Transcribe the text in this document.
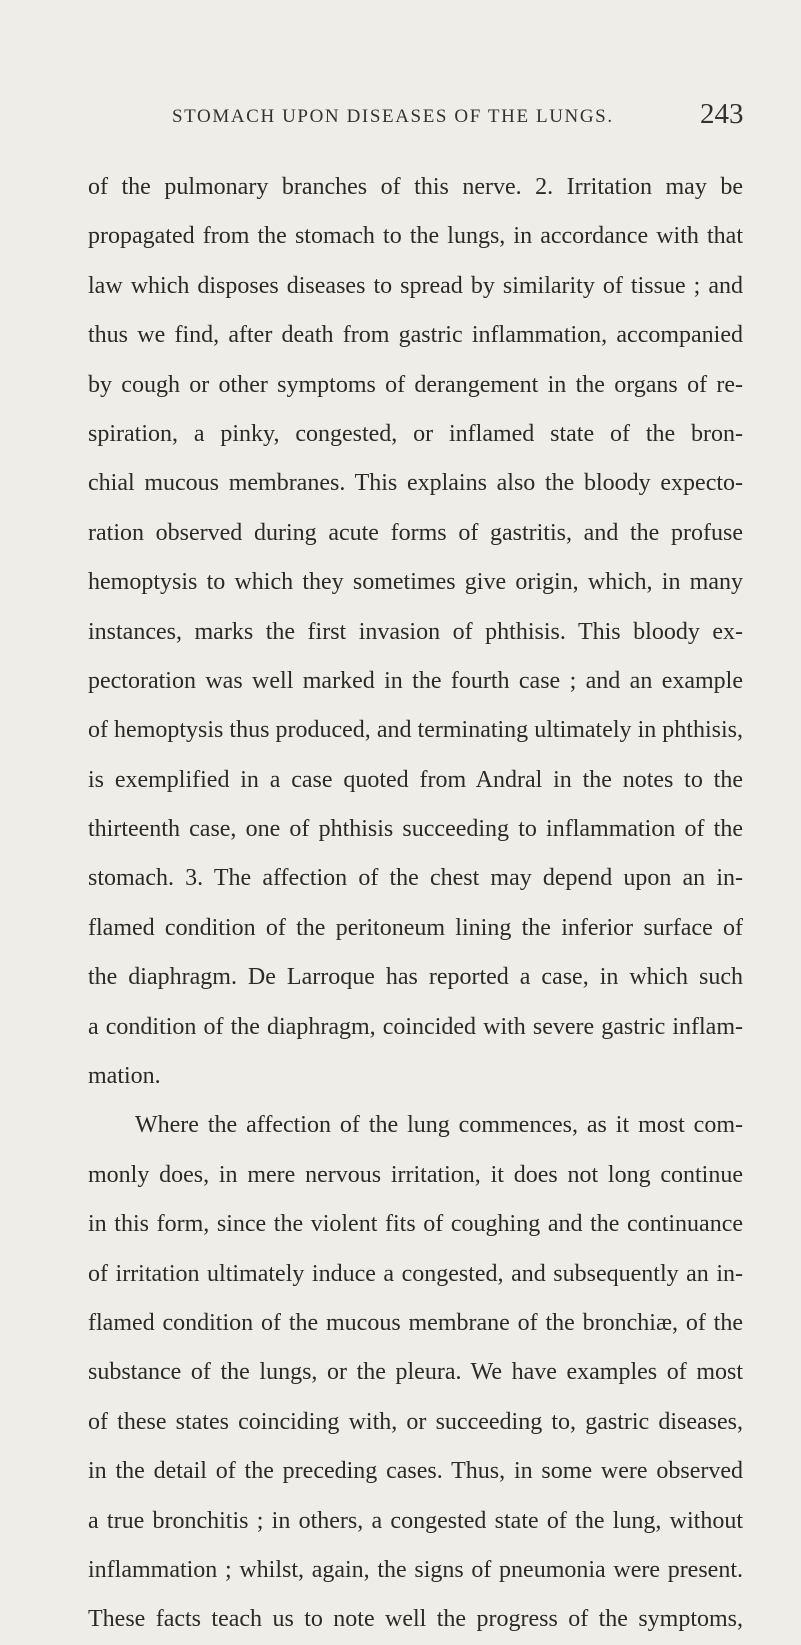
STOMACH UPON DISEASES OF THE LUNGS.	243
of the pulmonary branches of this nerve. 2. Irritation may be
propagated from the stomach to the lungs, in accordance with that
law which disposes diseases to spread by similarity of tissue ; and
thus we find, after death from gastric inflammation, accompanied
by cough or other symptoms of derangement in the organs of re-
spiration, a pinky, congested, or inflamed state of the bron-
chial mucous membranes. This explains also the bloody expecto-
ration observed during acute forms of gastritis, and the profuse
hemoptysis to which they sometimes give origin, which, in many
instances, marks the first invasion of phthisis. This bloody ex-
pectoration was well marked in the fourth case ; and an example
of hemoptysis thus produced, and terminating ultimately in phthisis,
is exemplified in a case quoted from Andral in the notes to the
thirteenth case, one of phthisis succeeding to inflammation of the
stomach. 3. The affection of the chest may depend upon an in-
flamed condition of the peritoneum lining the inferior surface of
the diaphragm. De Larroque has reported a case, in which such
a condition of the diaphragm, coincided with severe gastric inflam-
mation.
Where the affection of the lung commences, as it most com-
monly does, in mere nervous irritation, it does not long continue
in this form, since the violent fits of coughing and the continuance
of irritation ultimately induce a congested, and subsequently an in-
flamed condition of the mucous membrane of the bronchiæ, of the
substance of the lungs, or the pleura. We have examples of most
of these states coinciding with, or succeeding to, gastric diseases,
in the detail of the preceding cases. Thus, in some were observed
a true bronchitis ; in others, a congested state of the lung, without
inflammation ; whilst, again, the signs of pneumonia were present.
These facts teach us to note well the progress of the symptoms,
